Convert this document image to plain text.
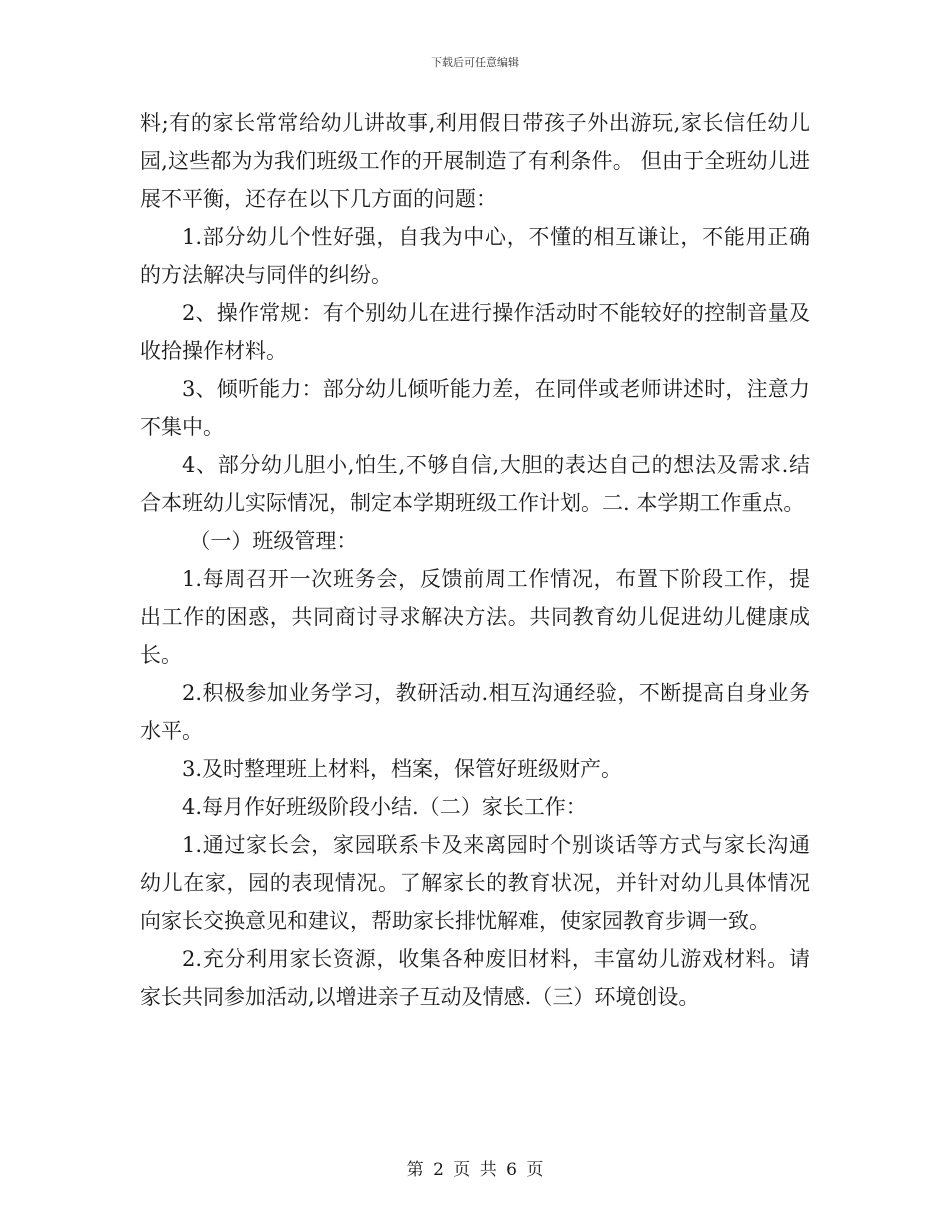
下载后可任意编辑

料;有的家长常常给幼儿讲故事,利用假日带孩子外出游玩,家长信任幼儿园,这些都为为我们班级工作的开展制造了有利条件。 但由于全班幼儿进展不平衡，还存在以下几方面的问题：

1.部分幼儿个性好强，自我为中心，不懂的相互谦让，不能用正确的方法解决与同伴的纠纷。

2、操作常规：有个别幼儿在进行操作活动时不能较好的控制音量及收拾操作材料。

3、倾听能力：部分幼儿倾听能力差，在同伴或老师讲述时，注意力不集中。

4、部分幼儿胆小,怕生,不够自信,大胆的表达自己的想法及需求.结合本班幼儿实际情况，制定本学期班级工作计划。二. 本学期工作重点。

（一）班级管理：

1.每周召开一次班务会，反馈前周工作情况，布置下阶段工作，提出工作的困惑，共同商讨寻求解决方法。共同教育幼儿促进幼儿健康成长。

2.积极参加业务学习，教研活动.相互沟通经验，不断提高自身业务水平。

3.及时整理班上材料，档案，保管好班级财产。

4.每月作好班级阶段小结.（二）家长工作：

1.通过家长会，家园联系卡及来离园时个别谈话等方式与家长沟通幼儿在家，园的表现情况。了解家长的教育状况，并针对幼儿具体情况向家长交换意见和建议，帮助家长排忧解难，使家园教育步调一致。

2.充分利用家长资源，收集各种废旧材料，丰富幼儿游戏材料。请家长共同参加活动,以增进亲子互动及情感.（三）环境创设。

第 2 页 共 6 页
